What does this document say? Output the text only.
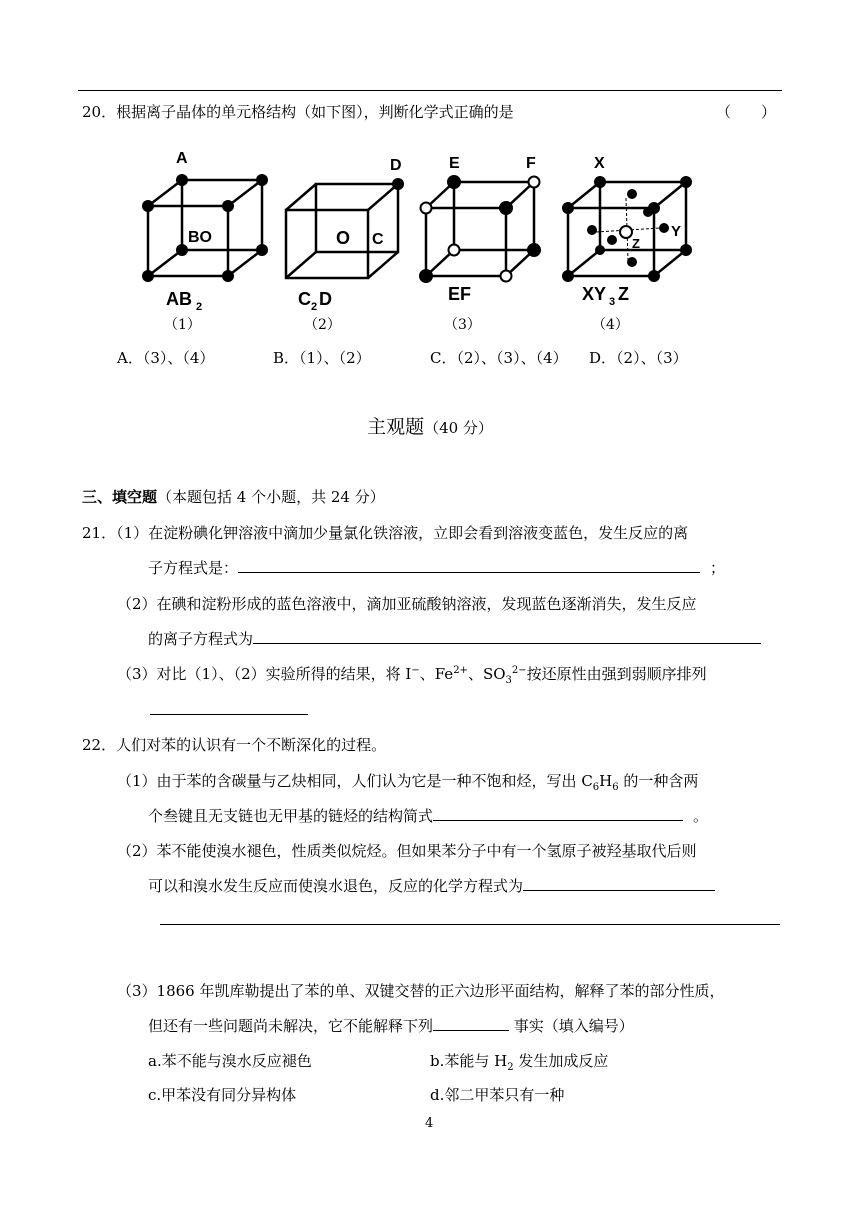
20．根据离子晶体的单元格结构（如下图），判断化学式正确的是	（　　）
A
BO
AB 2
D
O C
C 2 D
E	F
EF
X
Y
Z
XY 3 Z
（1）	（2）	（3）	（4）
A．（3）、（4）	B．（1）、（2）	C．（2）、（3）、（4） D．（2）、（3）
主观题（40 分）
三、填空题（本题包括 4 个小题，共 24 分）
21．（1）在淀粉碘化钾溶液中滴加少量氯化铁溶液，立即会看到溶液变蓝色，发生反应的离
子方程式是：	；
（2）在碘和淀粉形成的蓝色溶液中，滴加亚硫酸钠溶液，发现蓝色逐渐消失，发生反应
的离子方程式为
（3）对比（1）、（2）实验所得的结果，将 I−、$Fe^{2+}$、$SO_3^{2-}$按还原性由强到弱顺序排列
22．人们对苯的认识有一个不断深化的过程。
（1）由于苯的含碳量与乙炔相同，人们认为它是一种不饱和烃，写出 $C_6H_6$ 的一种含两
个叁键且无支链也无甲基的链烃的结构简式	。
（2）苯不能使溴水褪色，性质类似烷烃。但如果苯分子中有一个氢原子被羟基取代后则
可以和溴水发生反应而使溴水退色，反应的化学方程式为
（3）1866 年凯库勒提出了苯的单、双键交替的正六边形平面结构，解释了苯的部分性质，
但还有一些问题尚未解决，它不能解释下列	事实（填入编号）
a.苯不能与溴水反应褪色	b.苯能与 $H_2$ 发生加成反应
c.甲苯没有同分异构体	d.邻二甲苯只有一种
4
